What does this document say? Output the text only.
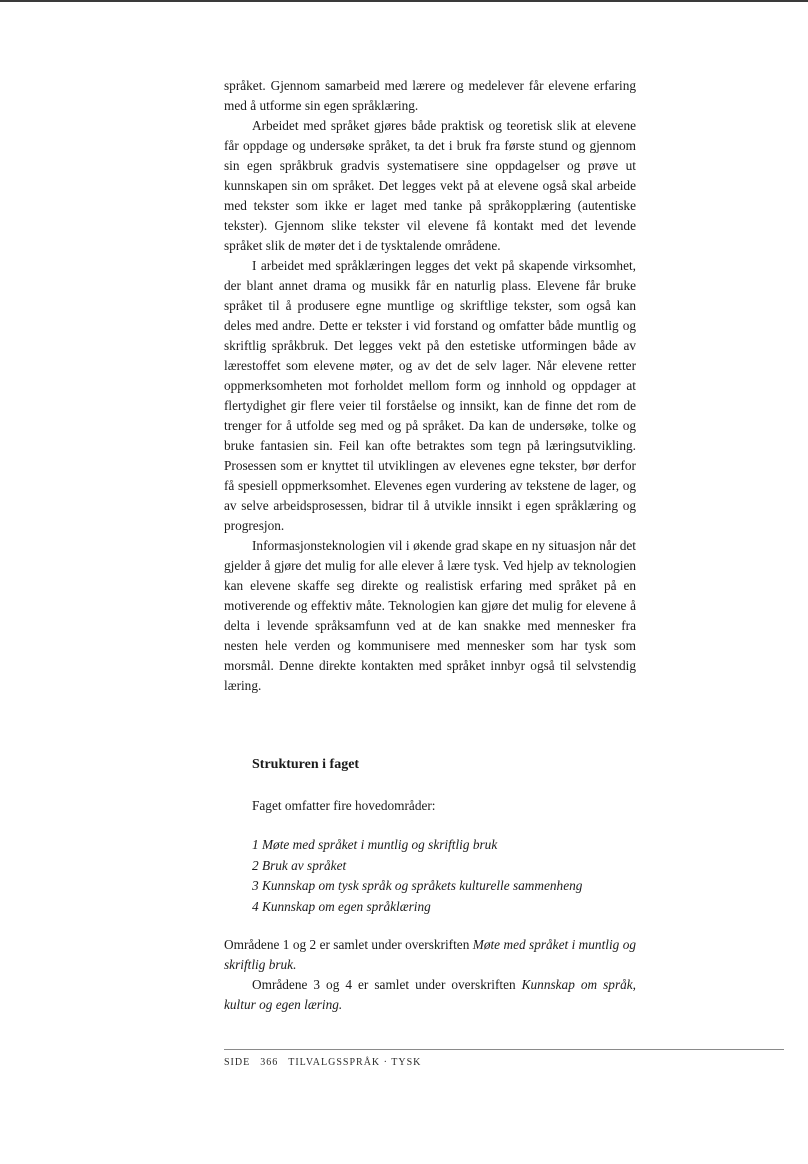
språket. Gjennom samarbeid med lærere og medelever får elevene erfaring med å utforme sin egen språklæring.

Arbeidet med språket gjøres både praktisk og teoretisk slik at elevene får oppdage og undersøke språket, ta det i bruk fra første stund og gjennom sin egen språkbruk gradvis systematisere sine oppdagelser og prøve ut kunnskapen sin om språket. Det legges vekt på at elevene også skal arbeide med tekster som ikke er laget med tanke på språkopplæring (autentiske tekster). Gjennom slike tekster vil elevene få kontakt med det levende språket slik de møter det i de tysktalende områdene.

I arbeidet med språklæringen legges det vekt på skapende virksomhet, der blant annet drama og musikk får en naturlig plass. Elevene får bruke språket til å produsere egne muntlige og skriftlige tekster, som også kan deles med andre. Dette er tekster i vid forstand og omfatter både muntlig og skriftlig språkbruk. Det legges vekt på den estetiske utformingen både av lærestoffet som elevene møter, og av det de selv lager. Når elevene retter oppmerksomheten mot forholdet mellom form og innhold og oppdager at flertydighet gir flere veier til forståelse og innsikt, kan de finne det rom de trenger for å utfolde seg med og på språket. Da kan de undersøke, tolke og bruke fantasien sin. Feil kan ofte betraktes som tegn på læringsutvikling. Prosessen som er knyttet til utviklingen av elevenes egne tekster, bør derfor få spesiell oppmerksomhet. Elevenes egen vurdering av tekstene de lager, og av selve arbeidsprosessen, bidrar til å utvikle innsikt i egen språklæring og progresjon.

Informasjonsteknologien vil i økende grad skape en ny situasjon når det gjelder å gjøre det mulig for alle elever å lære tysk. Ved hjelp av teknologien kan elevene skaffe seg direkte og realistisk erfaring med språket på en motiverende og effektiv måte. Teknologien kan gjøre det mulig for elevene å delta i levende språksamfunn ved at de kan snakke med mennesker fra nesten hele verden og kommunisere med mennesker som har tysk som morsmål. Denne direkte kontakten med språket innbyr også til selvstendig læring.

Strukturen i faget
Faget omfatter fire hovedområder:
1 Møte med språket i muntlig og skriftlig bruk
2 Bruk av språket
3 Kunnskap om tysk språk og språkets kulturelle sammenheng
4 Kunnskap om egen språklæring

Områdene 1 og 2 er samlet under overskriften Møte med språket i muntlig og skriftlig bruk.

Områdene 3 og 4 er samlet under overskriften Kunnskap om språk, kultur og egen læring.

SIDE 366 TILVALGSSPRÅK · TYSK
